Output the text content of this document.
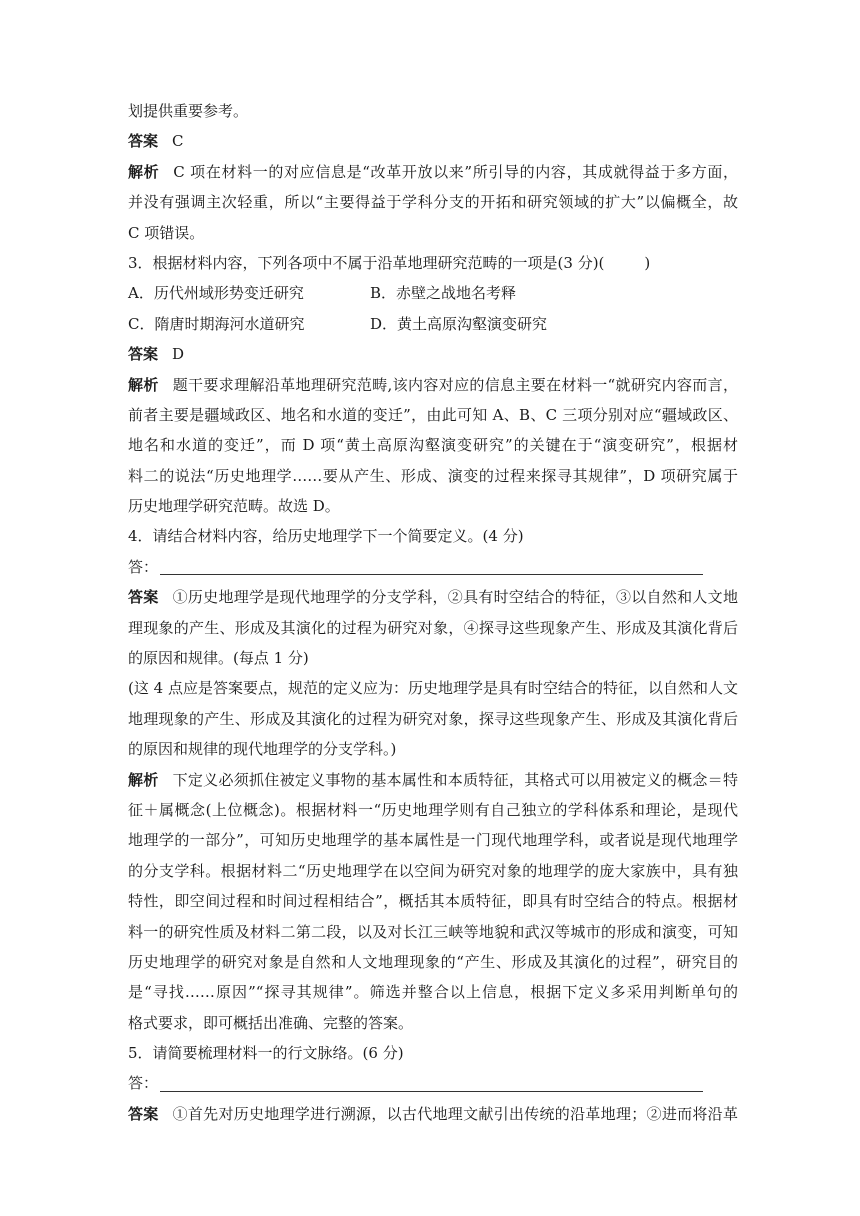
划提供重要参考。
答案 C
解析 C 项在材料一的对应信息是“改革开放以来”所引导的内容，其成就得益于多方面，
并没有强调主次轻重，所以“主要得益于学科分支的开拓和研究领域的扩大”以偏概全，故
C 项错误。
3．根据材料内容，下列各项中不属于沿革地理研究范畴的一项是(3 分)(	)
A．历代州域形势变迁研究	B．赤壁之战地名考释
C．隋唐时期海河水道研究	D．黄土高原沟壑演变研究
答案 D
解析 题干要求理解沿革地理研究范畴,该内容对应的信息主要在材料一“就研究内容而言，
前者主要是疆域政区、地名和水道的变迁”，由此可知 A、B、C 三项分别对应“疆域政区、
地名和水道的变迁”，而 D 项“黄土高原沟壑演变研究”的关键在于“演变研究”，根据材
料二的说法“历史地理学……要从产生、形成、演变的过程来探寻其规律”，D 项研究属于
历史地理学研究范畴。故选 D。
4．请结合材料内容，给历史地理学下一个简要定义。(4 分)
答：
答案 ①历史地理学是现代地理学的分支学科，②具有时空结合的特征，③以自然和人文地
理现象的产生、形成及其演化的过程为研究对象，④探寻这些现象产生、形成及其演化背后
的原因和规律。(每点 1 分)
(这 4 点应是答案要点，规范的定义应为：历史地理学是具有时空结合的特征，以自然和人文
地理现象的产生、形成及其演化的过程为研究对象，探寻这些现象产生、形成及其演化背后
的原因和规律的现代地理学的分支学科。)
解析 下定义必须抓住被定义事物的基本属性和本质特征，其格式可以用被定义的概念＝特
征＋属概念(上位概念)。根据材料一“历史地理学则有自己独立的学科体系和理论，是现代
地理学的一部分”，可知历史地理学的基本属性是一门现代地理学科，或者说是现代地理学
的分支学科。根据材料二“历史地理学在以空间为研究对象的地理学的庞大家族中，具有独
特性，即空间过程和时间过程相结合”，概括其本质特征，即具有时空结合的特点。根据材
料一的研究性质及材料二第二段，以及对长江三峡等地貌和武汉等城市的形成和演变，可知
历史地理学的研究对象是自然和人文地理现象的“产生、形成及其演化的过程”，研究目的
是“寻找……原因”“探寻其规律”。筛选并整合以上信息，根据下定义多采用判断单句的
格式要求，即可概括出准确、完整的答案。
5．请简要梳理材料一的行文脉络。(6 分)
答：
答案 ①首先对历史地理学进行溯源，以古代地理文献引出传统的沿革地理；②进而将沿革
